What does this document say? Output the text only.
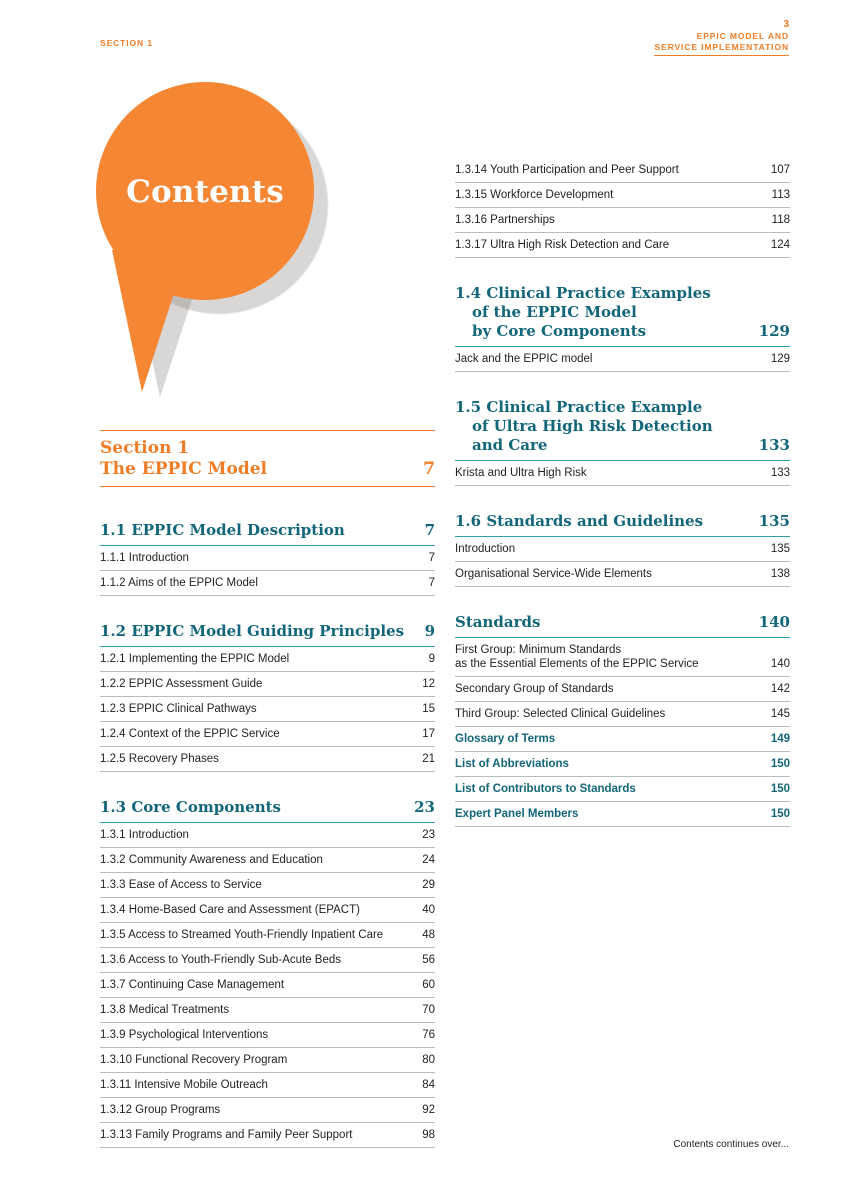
SECTION 1
3
EPPIC MODEL AND
SERVICE IMPLEMENTATION
Contents
Section 1
The EPPIC Model	7
1.1 EPPIC Model Description	7
1.1.1 Introduction	7
1.1.2 Aims of the EPPIC Model	7
1.2 EPPIC Model Guiding Principles 9
1.2.1 Implementing the EPPIC Model	9
1.2.2 EPPIC Assessment Guide	12
1.2.3 EPPIC Clinical Pathways	15
1.2.4 Context of the EPPIC Service	17
1.2.5 Recovery Phases	21
1.3 Core Components	23
1.3.1 Introduction	23
1.3.2 Community Awareness and Education	24
1.3.3 Ease of Access to Service	29
1.3.4 Home-Based Care and Assessment (EPACT)	40
1.3.5 Access to Streamed Youth-Friendly Inpatient Care	48
1.3.6 Access to Youth-Friendly Sub-Acute Beds	56
1.3.7 Continuing Case Management	60
1.3.8 Medical Treatments	70
1.3.9 Psychological Interventions	76
1.3.10 Functional Recovery Program	80
1.3.11 Intensive Mobile Outreach	84
1.3.12 Group Programs	92
1.3.13 Family Programs and Family Peer Support	98
1.3.14 Youth Participation and Peer Support	107
1.3.15 Workforce Development	113
1.3.16 Partnerships	118
1.3.17 Ultra High Risk Detection and Care	124
1.4 Clinical Practice Examples
of the EPPIC Model
by Core Components	129
Jack and the EPPIC model	129
1.5 Clinical Practice Example
of Ultra High Risk Detection
and Care	133
Krista and Ultra High Risk	133
1.6 Standards and Guidelines	135
Introduction	135
Organisational Service-Wide Elements	138
Standards	140
First Group: Minimum Standards
as the Essential Elements of the EPPIC Service	140
Secondary Group of Standards	142
Third Group: Selected Clinical Guidelines	145
Glossary of Terms	149
List of Abbreviations	150
List of Contributors to Standards	150
Expert Panel Members	150
Contents continues over...
